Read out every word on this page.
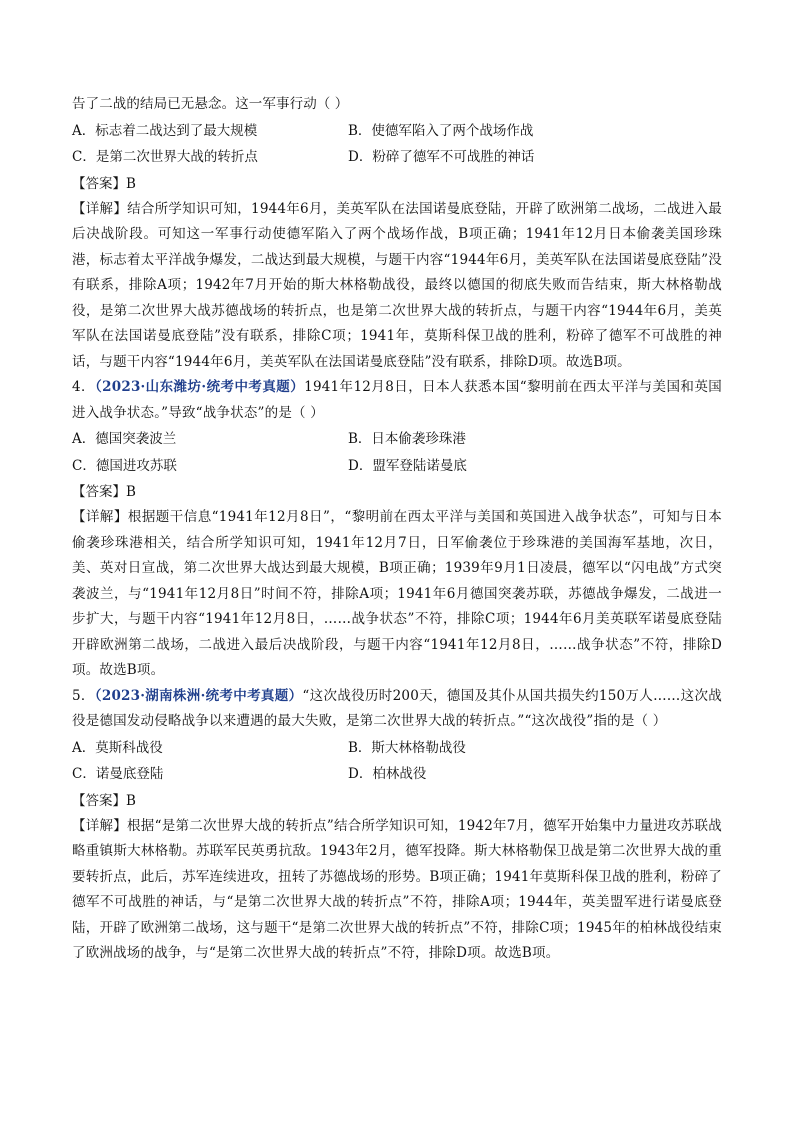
告了二战的结局已无悬念。这一军事行动（ ）
A．标志着二战达到了最大规模	B．使德军陷入了两个战场作战
C．是第二次世界大战的转折点	D．粉碎了德军不可战胜的神话
【答案】B
【详解】结合所学知识可知，1944年6月，美英军队在法国诺曼底登陆，开辟了欧洲第二战场，二战进入最后决战阶段。可知这一军事行动使德军陷入了两个战场作战，B项正确；1941年12月日本偷袭美国珍珠港，标志着太平洋战争爆发，二战达到最大规模，与题干内容“1944年6月，美英军队在法国诺曼底登陆”没有联系，排除A项；1942年7月开始的斯大林格勒战役，最终以德国的彻底失败而告结束，斯大林格勒战役，是第二次世界大战苏德战场的转折点，也是第二次世界大战的转折点，与题干内容“1944年6月，美英军队在法国诺曼底登陆”没有联系，排除C项；1941年，莫斯科保卫战的胜利，粉碎了德军不可战胜的神话，与题干内容“1944年6月，美英军队在法国诺曼底登陆”没有联系，排除D项。故选B项。
4．（2023·山东潍坊·统考中考真题）1941年12月8日，日本人获悉本国“黎明前在西太平洋与美国和英国进入战争状态。”导致“战争状态”的是（ ）
A．德国突袭波兰	B．日本偷袭珍珠港
C．德国进攻苏联	D．盟军登陆诺曼底
【答案】B
【详解】根据题干信息“1941年12月8日”，“黎明前在西太平洋与美国和英国进入战争状态”，可知与日本偷袭珍珠港相关，结合所学知识可知，1941年12月7日，日军偷袭位于珍珠港的美国海军基地，次日，美、英对日宣战，第二次世界大战达到最大规模，B项正确；1939年9月1日凌晨，德军以“闪电战”方式突袭波兰，与“1941年12月8日”时间不符，排除A项；1941年6月德国突袭苏联，苏德战争爆发，二战进一步扩大，与题干内容“1941年12月8日，……战争状态”不符，排除C项；1944年6月美英联军诺曼底登陆开辟欧洲第二战场，二战进入最后决战阶段，与题干内容“1941年12月8日，……战争状态”不符，排除D项。故选B项。
5．（2023·湖南株洲·统考中考真题）“这次战役历时200天，德国及其仆从国共损失约150万人……这次战役是德国发动侵略战争以来遭遇的最大失败，是第二次世界大战的转折点。”“这次战役”指的是（ ）
A．莫斯科战役	B．斯大林格勒战役
C．诺曼底登陆	D．柏林战役
【答案】B
【详解】根据“是第二次世界大战的转折点”结合所学知识可知，1942年7月，德军开始集中力量进攻苏联战略重镇斯大林格勒。苏联军民英勇抗敌。1943年2月，德军投降。斯大林格勒保卫战是第二次世界大战的重要转折点，此后，苏军连续进攻，扭转了苏德战场的形势。B项正确；1941年莫斯科保卫战的胜利，粉碎了德军不可战胜的神话，与“是第二次世界大战的转折点”不符，排除A项；1944年，英美盟军进行诺曼底登陆，开辟了欧洲第二战场，这与题干“是第二次世界大战的转折点”不符，排除C项；1945年的柏林战役结束了欧洲战场的战争，与“是第二次世界大战的转折点”不符，排除D项。故选B项。
